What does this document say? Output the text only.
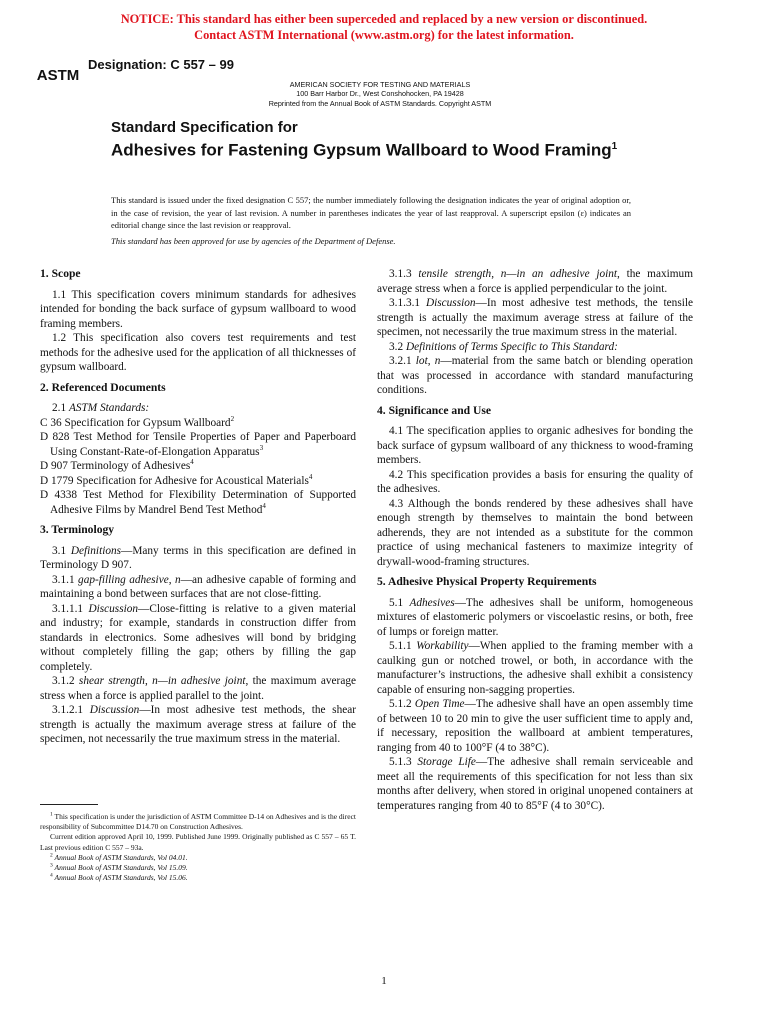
NOTICE: This standard has either been superceded and replaced by a new version or discontinued.
Contact ASTM International (www.astm.org) for the latest information.
ASTM
Designation: C 557 – 99
AMERICAN SOCIETY FOR TESTING AND MATERIALS
100 Barr Harbor Dr., West Conshohocken, PA 19428
Reprinted from the Annual Book of ASTM Standards. Copyright ASTM
Standard Specification for
Adhesives for Fastening Gypsum Wallboard to Wood Framing$^1$
This standard is issued under the fixed designation C 557; the number immediately following the designation indicates the year of original adoption or, in the case of revision, the year of last revision. A number in parentheses indicates the year of last reapproval. A superscript epsilon (ε) indicates an editorial change since the last revision or reapproval.
This standard has been approved for use by agencies of the Department of Defense.
1. Scope

1.1 This specification covers minimum standards for adhesives intended for bonding the back surface of gypsum wallboard to wood framing members.

1.2 This specification also covers test requirements and test methods for the adhesive used for the application of all thicknesses of gypsum wallboard.

2. Referenced Documents

2.1 ASTM Standards:

C 36 Specification for Gypsum Wallboard$^2$

D 828 Test Method for Tensile Properties of Paper and Paperboard Using Constant-Rate-of-Elongation Apparatus$^3$

D 907 Terminology of Adhesives$^4$

D 1779 Specification for Adhesive for Acoustical Materials$^4$

D 4338 Test Method for Flexibility Determination of Supported Adhesive Films by Mandrel Bend Test Method$^4$

3. Terminology

3.1 Definitions—Many terms in this specification are defined in Terminology D 907.

3.1.1 gap-filling adhesive, n—an adhesive capable of forming and maintaining a bond between surfaces that are not close-fitting.

3.1.1.1 Discussion—Close-fitting is relative to a given material and industry; for example, standards in construction differ from standards in electronics. Some adhesives will bond by bridging without completely filling the gap; others by filling the gap completely.

3.1.2 shear strength, n—in adhesive joint, the maximum average stress when a force is applied parallel to the joint.

3.1.2.1 Discussion—In most adhesive test methods, the shear strength is actually the maximum average stress at failure of the specimen, not necessarily the true maximum stress in the material.

$^1$ This specification is under the jurisdiction of ASTM Committee D-14 on Adhesives and is the direct responsibility of Subcommittee D14.70 on Construction Adhesives.

Current edition approved April 10, 1999. Published June 1999. Originally published as C 557 – 65 T. Last previous edition C 557 – 93a.

$^2$ Annual Book of ASTM Standards, Vol 04.01.

$^3$ Annual Book of ASTM Standards, Vol 15.09.

$^4$ Annual Book of ASTM Standards, Vol 15.06.

3.1.3 tensile strength, n—in an adhesive joint, the maximum average stress when a force is applied perpendicular to the joint.

3.1.3.1 Discussion—In most adhesive test methods, the tensile strength is actually the maximum average stress at failure of the specimen, not necessarily the true maximum stress in the material.

3.2 Definitions of Terms Specific to This Standard:

3.2.1 lot, n—material from the same batch or blending operation that was processed in accordance with standard manufacturing conditions.

4. Significance and Use

4.1 The specification applies to organic adhesives for bonding the back surface of gypsum wallboard of any thickness to wood-framing members.

4.2 This specification provides a basis for ensuring the quality of the adhesives.

4.3 Although the bonds rendered by these adhesives shall have enough strength by themselves to maintain the bond between adherends, they are not intended as a substitute for the common practice of using mechanical fasteners to maximize integrity of drywall-wood-framing structures.

5. Adhesive Physical Property Requirements

5.1 Adhesives—The adhesives shall be uniform, homogeneous mixtures of elastomeric polymers or viscoelastic resins, or both, free of lumps or foreign matter.

5.1.1 Workability—When applied to the framing member with a caulking gun or notched trowel, or both, in accordance with the manufacturer’s instructions, the adhesive shall exhibit a consistency capable of ensuring non-sagging properties.

5.1.2 Open Time—The adhesive shall have an open assembly time of between 10 to 20 min to give the user sufficient time to apply and, if necessary, reposition the wallboard at ambient temperatures, ranging from 40 to 100°F (4 to 38°C).

5.1.3 Storage Life—The adhesive shall remain serviceable and meet all the requirements of this specification for not less than six months after delivery, when stored in original unopened containers at temperatures ranging from 40 to 85°F (4 to 30°C).

1
